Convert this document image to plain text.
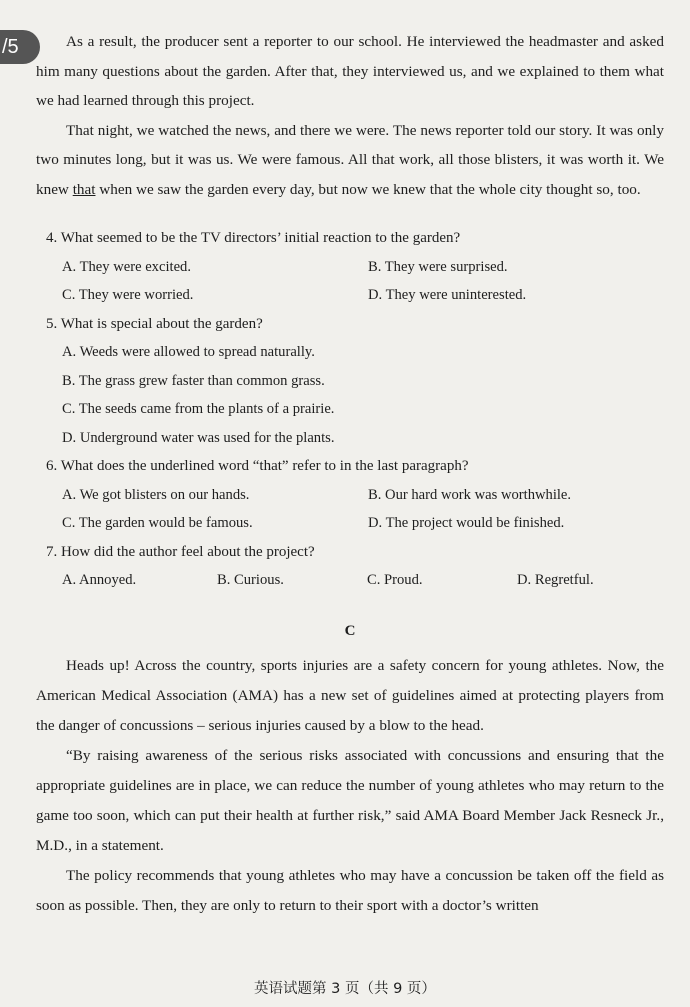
/5	As a result, the producer sent a reporter to our school. He interviewed the headmaster and asked him many questions about the garden. After that, they interviewed us, and we explained to them what we had learned through this project.

That night, we watched the news, and there we were. The news reporter told our story. It was only two minutes long, but it was us. We were famous. All that work, all those blisters, it was worth it. We knew that when we saw the garden every day, but now we knew that the whole city thought so, too.

4. What seemed to be the TV directors’ initial reaction to the garden?
A. They were excited.	B. They were surprised.
C. They were worried.	D. They were uninterested.
5. What is special about the garden?
A. Weeds were allowed to spread naturally.
B. The grass grew faster than common grass.
C. The seeds came from the plants of a prairie.
D. Underground water was used for the plants.
6. What does the underlined word “that” refer to in the last paragraph?
A. We got blisters on our hands.	B. Our hard work was worthwhile.
C. The garden would be famous.	D. The project would be finished.
7. How did the author feel about the project?
A. Annoyed.	B. Curious.	C. Proud.	D. Regretful.
C

Heads up! Across the country, sports injuries are a safety concern for young athletes. Now, the American Medical Association (AMA) has a new set of guidelines aimed at protecting players from the danger of concussions – serious injuries caused by a blow to the head.

“By raising awareness of the serious risks associated with concussions and ensuring that the appropriate guidelines are in place, we can reduce the number of young athletes who may return to the game too soon, which can put their health at further risk,” said AMA Board Member Jack Resneck Jr., M.D., in a statement.

The policy recommends that young athletes who may have a concussion be taken off the field as soon as possible. Then, they are only to return to their sport with a doctor’s written

英语试题第 3 页（共 9 页）
